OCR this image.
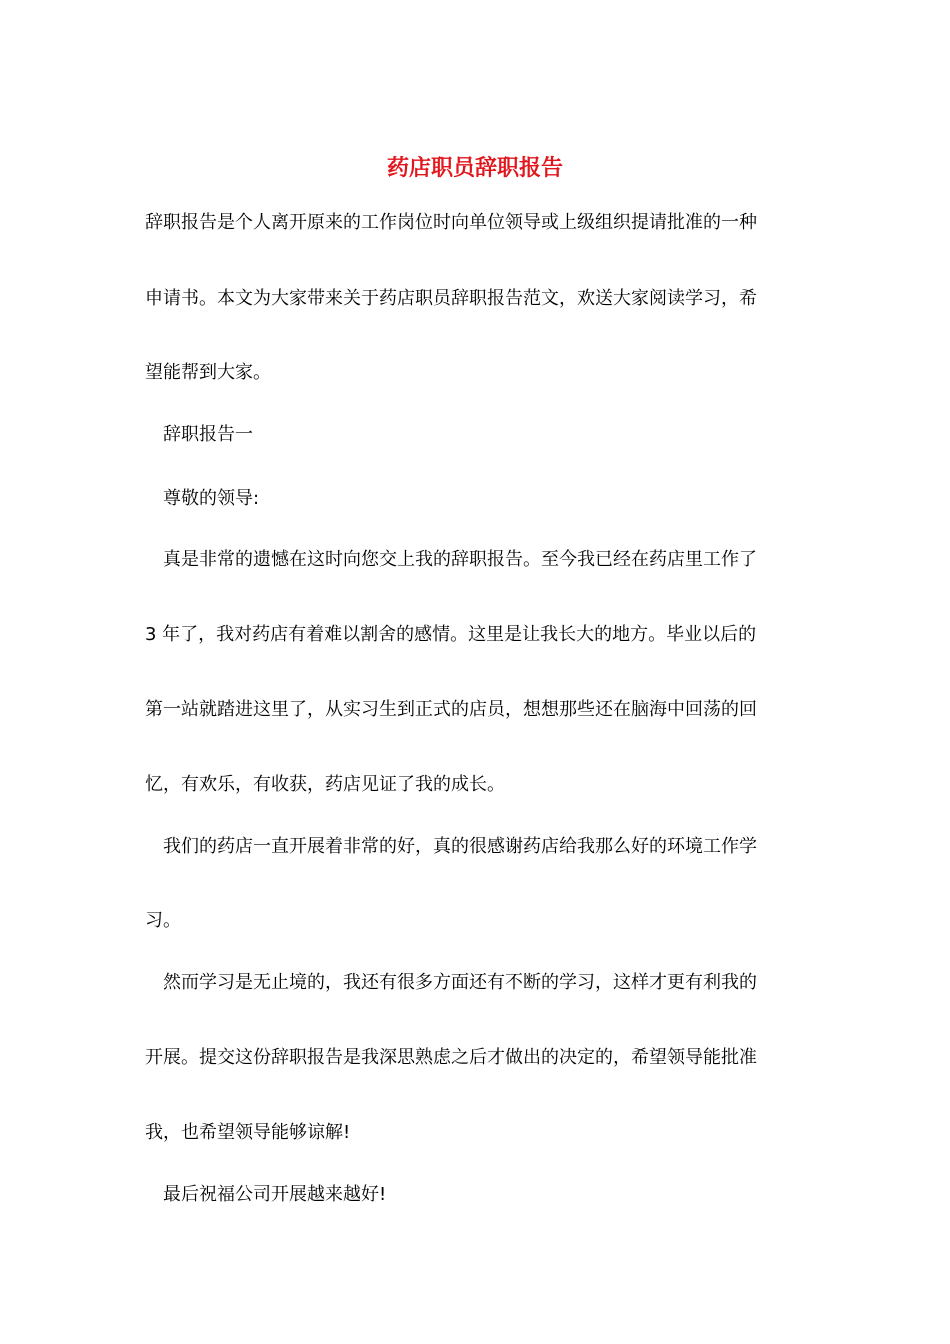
药店职员辞职报告

辞职报告是个人离开原来的工作岗位时向单位领导或上级组织提请批准的一种

申请书。本文为大家带来关于药店职员辞职报告范文，欢送大家阅读学习，希

望能帮到大家。

辞职报告一

尊敬的领导:

真是非常的遗憾在这时向您交上我的辞职报告。至今我已经在药店里工作了

3 年了，我对药店有着难以割舍的感情。这里是让我长大的地方。毕业以后的

第一站就踏进这里了，从实习生到正式的店员，想想那些还在脑海中回荡的回

忆，有欢乐，有收获，药店见证了我的成长。

我们的药店一直开展着非常的好，真的很感谢药店给我那么好的环境工作学

习。

然而学习是无止境的，我还有很多方面还有不断的学习，这样才更有利我的

开展。提交这份辞职报告是我深思熟虑之后才做出的决定的，希望领导能批准

我，也希望领导能够谅解!

最后祝福公司开展越来越好!
